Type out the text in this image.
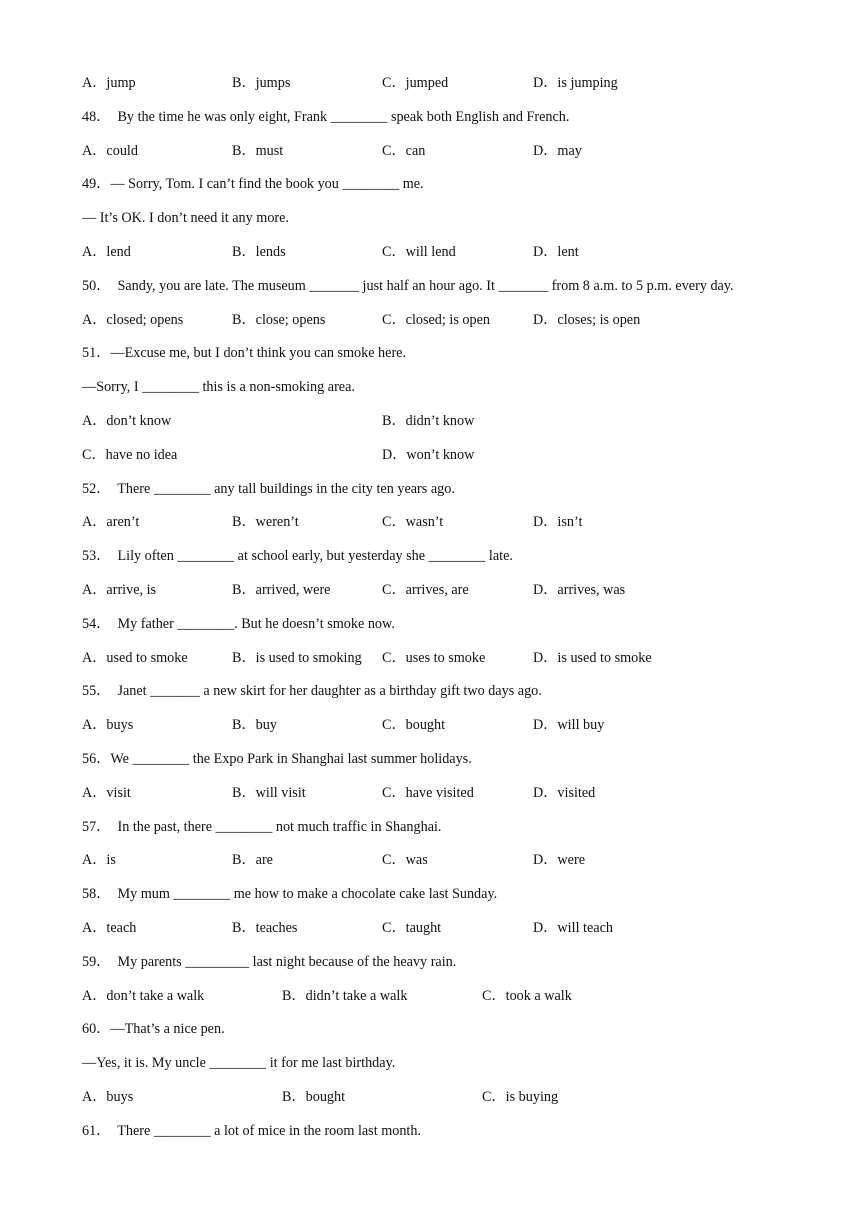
A．jump	B．jumps	C．jumped	D．is jumping
48．  By the time he was only eight, Frank ________ speak both English and French.
A．could	B．must	C．can	D．may
49．— Sorry, Tom. I can’t find the book you ________ me.
— It’s OK. I don’t need it any more.
A．lend	B．lends	C．will lend	D．lent
50．  Sandy, you are late. The museum _______ just half an hour ago. It _______ from 8 a.m. to 5 p.m. every day.
A．closed; opens	B．close; opens	C．closed; is open	D．closes; is open
51．—Excuse me, but I don’t think you can smoke here.
—Sorry, I ________ this is a non-smoking area.
A．don’t know	B．didn’t know
C．have no idea	D．won’t know
52．  There ________ any tall buildings in the city ten years ago.
A．aren’t	B．weren’t	C．wasn’t	D．isn’t
53．  Lily often ________ at school early, but yesterday she ________ late.
A．arrive, is	B．arrived, were	C．arrives, are	D．arrives, was
54．  My father ________. But he doesn’t smoke now.
A．used to smoke	B．is used to smoking C．uses to smoke	D．is used to smoke
55．  Janet _______ a new skirt for her daughter as a birthday gift two days ago.
A．buys	B．buy	C．bought	D．will buy
56．We ________ the Expo Park in Shanghai last summer holidays.
A．visit	B．will visit	C．have visited	D．visited
57．  In the past, there ________ not much traffic in Shanghai.
A．is	B．are	C．was	D．were
58．  My mum ________ me how to make a chocolate cake last Sunday.
A．teach	B．teaches	C．taught	D．will teach
59．  My parents _________ last night because of the heavy rain.
A．don’t take a walk	B．didn’t take a walk	C．took a walk
60．—That’s a nice pen.
—Yes, it is. My uncle ________ it for me last birthday.
A．buys	B．bought	C．is buying
61．  There ________ a lot of mice in the room last month.
